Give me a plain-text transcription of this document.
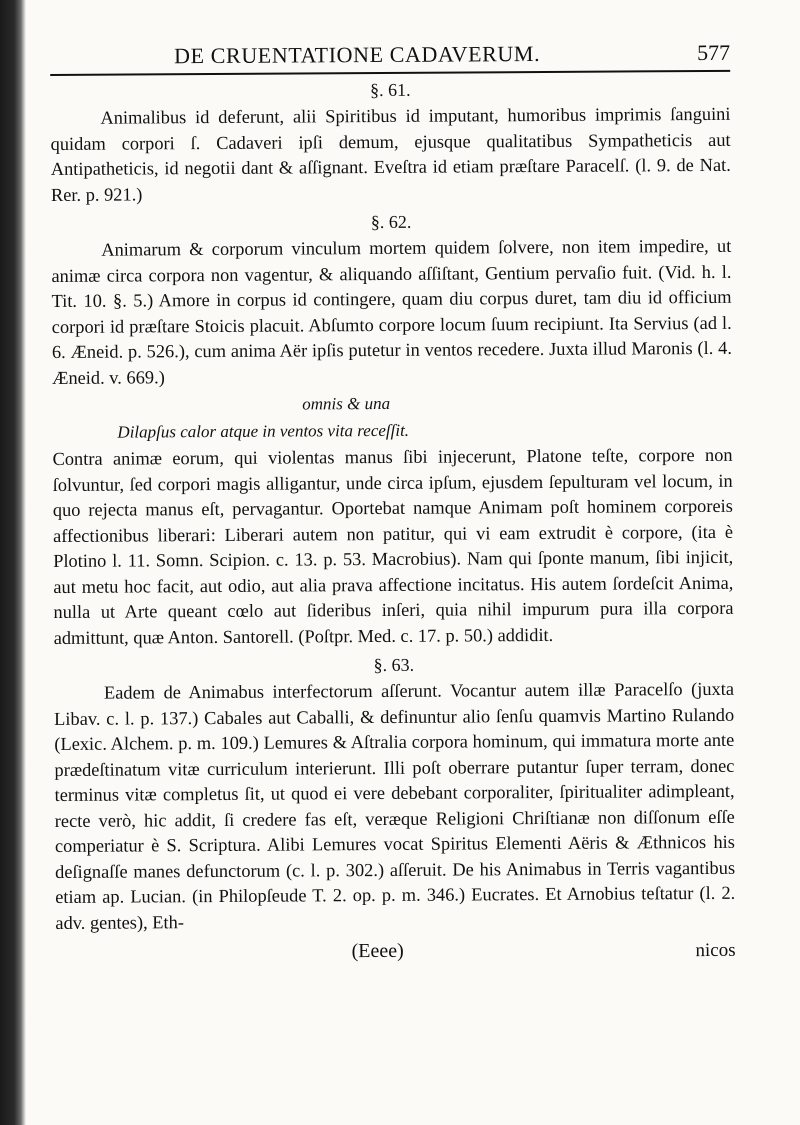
DE CRUENTATIONE CADAVERUM.	577
§. 61.

Animalibus id deferunt, alii Spiritibus id imputant, humoribus imprimis ſanguini quidam corpori ſ. Cadaveri ipſi demum, ejusque qualitatibus Sympatheticis aut Antipatheticis, id negotii dant & aſſignant. Eveſtra id etiam præſtare Paracelſ. (l. 9. de Nat. Rer. p. 921.)

§. 62.

Animarum & corporum vinculum mortem quidem ſolvere, non item impedire, ut animæ circa corpora non vagentur, & aliquando aſſiſtant, Gentium pervaſio fuit. (Vid. h. l. Tit. 10. §. 5.) Amore in corpus id contingere, quam diu corpus duret, tam diu id officium corpori id præſtare Stoicis placuit. Abſumto corpore locum ſuum recipiunt. Ita Servius (ad l. 6. Æneid. p. 526.), cum anima Aër ipſis putetur in ventos recedere. Juxta illud Maronis (l. 4. Æneid. v. 669.)

omnis & una
Dilapſus calor atque in ventos vita receſſit.

Contra animæ eorum, qui violentas manus ſibi injecerunt, Platone teſte, corpore non ſolvuntur, ſed corpori magis alligantur, unde circa ipſum, ejusdem ſepulturam vel locum, in quo rejecta manus eſt, pervagantur. Oportebat namque Animam poſt hominem corporeis affectionibus liberari: Liberari autem non patitur, qui vi eam extrudit è corpore, (ita è Plotino l. 11. Somn. Scipion. c. 13. p. 53. Macrobius). Nam qui ſponte manum, ſibi injicit, aut metu hoc facit, aut odio, aut alia prava affectione incitatus. His autem ſordeſcit Anima, nulla ut Arte queant cœlo aut ſideribus inſeri, quia nihil impurum pura illa corpora admittunt, quæ Anton. Santorell. (Poſtpr. Med. c. 17. p. 50.) addidit.

§. 63.

Eadem de Animabus interfectorum aſſerunt. Vocantur autem illæ Paracelſo (juxta Libav. c. l. p. 137.) Cabales aut Caballi, & definuntur alio ſenſu quamvis Martino Rulando (Lexic. Alchem. p. m. 109.) Lemures & Aſtralia corpora hominum, qui immatura morte ante prædeſtinatum vitæ curriculum interierunt. Illi poſt oberrare putantur ſuper terram, donec terminus vitæ completus ſit, ut quod ei vere debebant corporaliter, ſpiritualiter adimpleant, recte verò, hic addit, ſi credere fas eſt, veræque Religioni Chriſtianæ non diſſonum eſſe comperiatur è S. Scriptura. Alibi Lemures vocat Spiritus Elementi Aëris & Æthnicos his deſignaſſe manes defunctorum (c. l. p. 302.) aſſeruit. De his Animabus in Terris vagantibus etiam ap. Lucian. (in Philopſeude T. 2. op. p. m. 346.) Eucrates. Et Arnobius teſtatur (l. 2. adv. gentes), Eth-

(Eeee)	nicos
